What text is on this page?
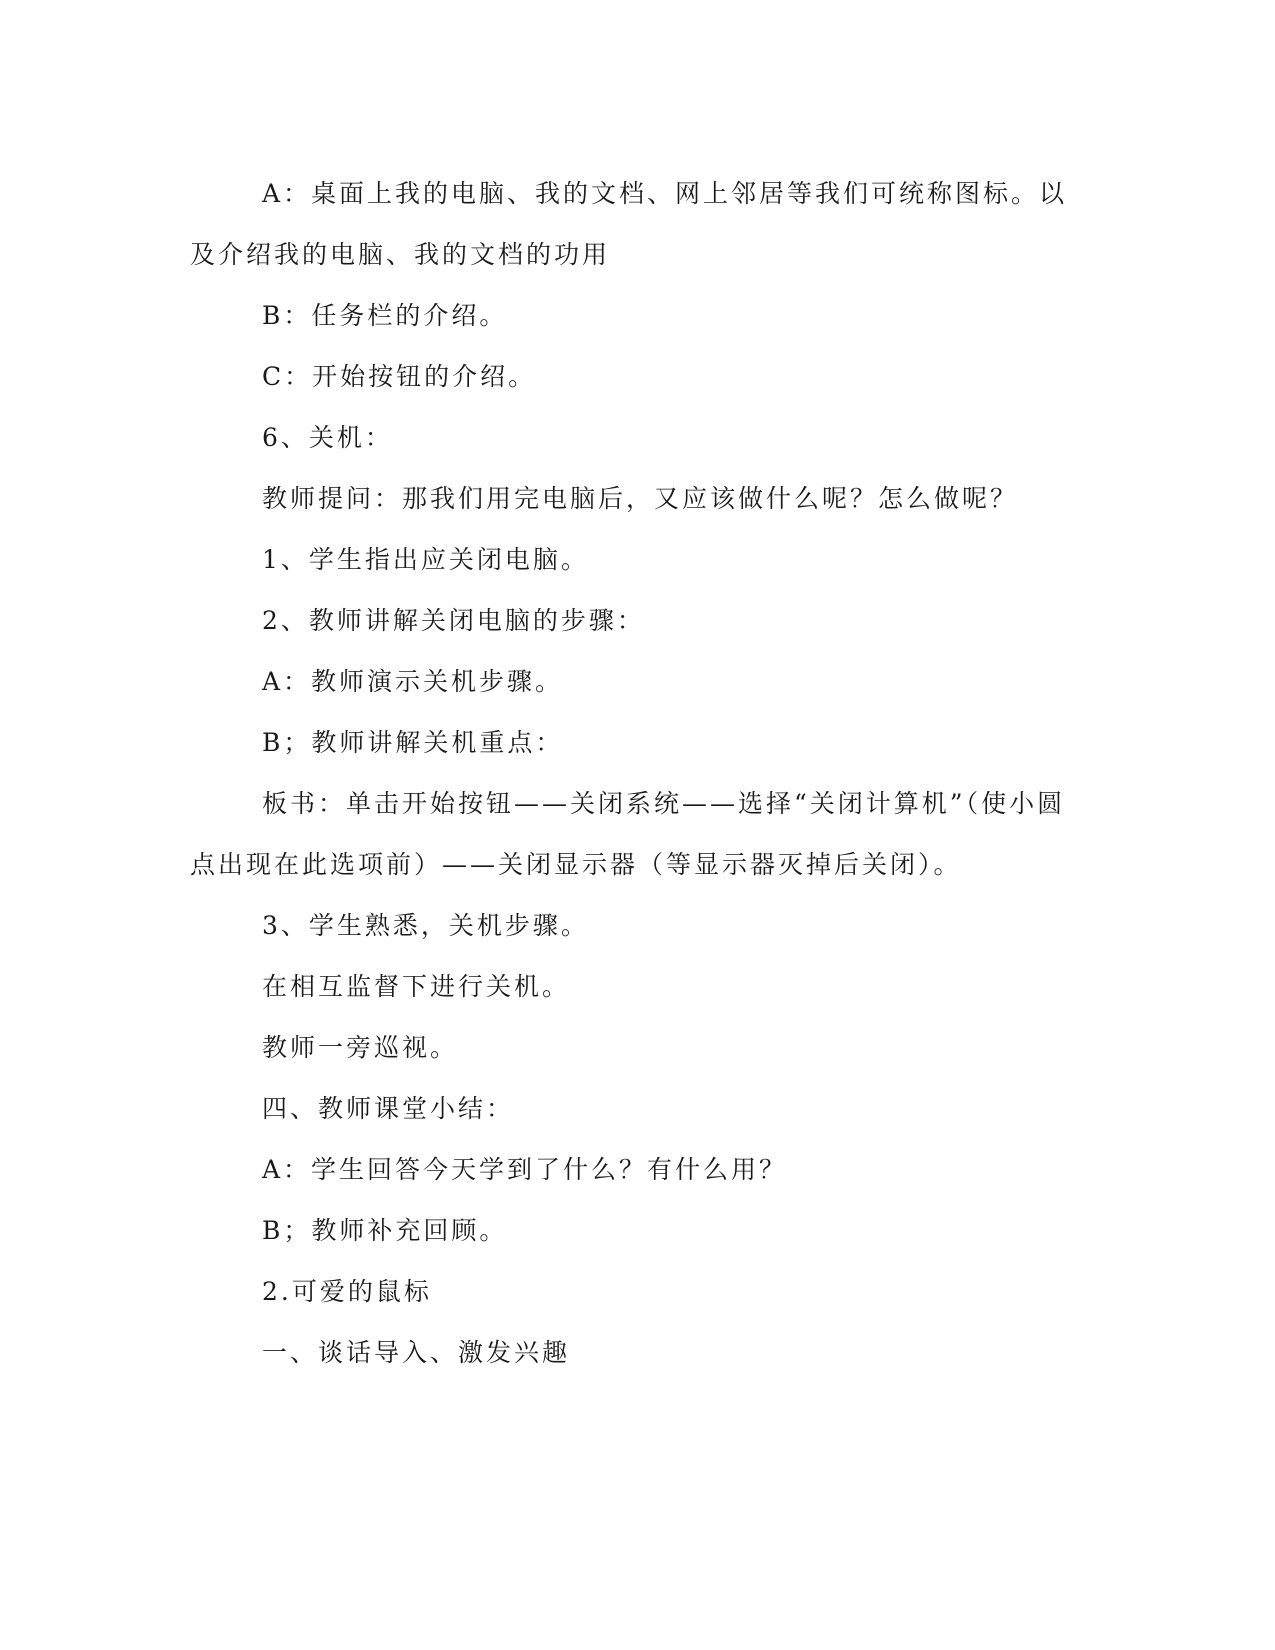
A：桌面上我的电脑、我的文档、网上邻居等我们可统称图标。以及介绍我的电脑、我的文档的功用

B：任务栏的介绍。

C：开始按钮的介绍。

6、关机：

教师提问：那我们用完电脑后，又应该做什么呢？怎么做呢？

1、学生指出应关闭电脑。

2、教师讲解关闭电脑的步骤：

A：教师演示关机步骤。

B；教师讲解关机重点：

板书：单击开始按钮——关闭系统——选择“关闭计算机”（使小圆点出现在此选项前）——关闭显示器（等显示器灭掉后关闭）。

3、学生熟悉，关机步骤。

在相互监督下进行关机。

教师一旁巡视。

四、教师课堂小结：

A：学生回答今天学到了什么？有什么用？

B；教师补充回顾。

2.可爱的鼠标

一、谈话导入、激发兴趣
